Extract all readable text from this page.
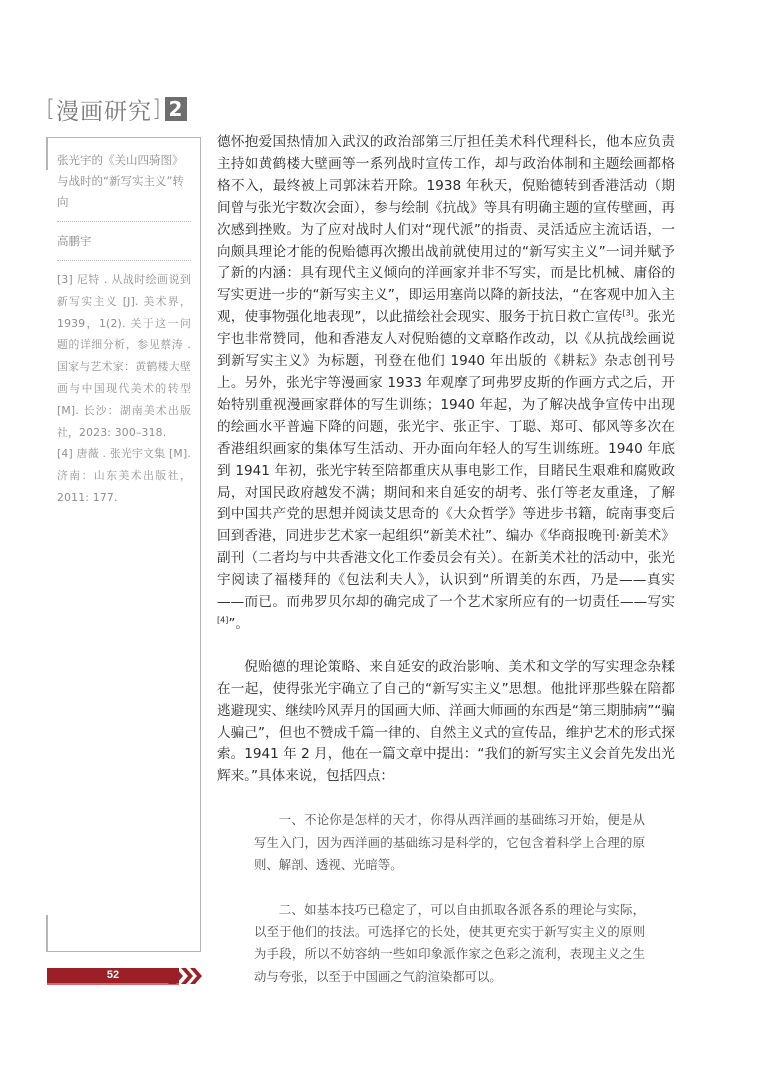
[ 漫画研究 ] 2
张光宇的《关山四骑图》与战时的“新写实主义”转向
高鹏宇

[3] 尼特 . 从战时绘画说到新写实主义 [J]. 美术界，1939，1(2). 关于这一问题的详细分析，参见蔡涛 . 国家与艺术家：黄鹤楼大壁画与中国现代美术的转型 [M]. 长沙：湖南美术出版社，2023: 300–318.

[4] 唐薇 . 张光宇文集 [M]. 济南：山东美术出版社，2011: 177.

德怀抱爱国热情加入武汉的政治部第三厅担任美术科代理科长，他本应负责主持如黄鹤楼大壁画等一系列战时宣传工作，却与政治体制和主题绘画都格格不入，最终被上司郭沫若开除。1938 年秋天，倪贻德转到香港活动（期间曾与张光宇数次会面），参与绘制《抗战》等具有明确主题的宣传壁画，再次感到挫败。为了应对战时人们对“现代派”的指责、灵活适应主流话语，一向颇具理论才能的倪贻德再次搬出战前就使用过的“新写实主义”一词并赋予了新的内涵：具有现代主义倾向的洋画家并非不写实，而是比机械、庸俗的写实更进一步的“新写实主义”，即运用塞尚以降的新技法，“在客观中加入主观，使事物强化地表现”，以此描绘社会现实、服务于抗日救亡宣传[3]。张光宇也非常赞同，他和香港友人对倪贻德的文章略作改动，以《从抗战绘画说到新写实主义》为标题，刊登在他们 1940 年出版的《耕耘》杂志创刊号上。另外，张光宇等漫画家 1933 年观摩了珂弗罗皮斯的作画方式之后，开始特别重视漫画家群体的写生训练；1940 年起，为了解决战争宣传中出现的绘画水平普遍下降的问题，张光宇、张正宇、丁聪、郑可、郁风等多次在香港组织画家的集体写生活动、开办面向年轻人的写生训练班。1940 年底到 1941 年初，张光宇转至陪都重庆从事电影工作，目睹民生艰难和腐败政局，对国民政府越发不满；期间和来自延安的胡考、张仃等老友重逢，了解到中国共产党的思想并阅读艾思奇的《大众哲学》等进步书籍，皖南事变后回到香港，同进步艺术家一起组织“新美术社”、编办《华商报晚刊·新美术》副刊（二者均与中共香港文化工作委员会有关）。在新美术社的活动中，张光宇阅读了福楼拜的《包法利夫人》，认识到“所谓美的东西，乃是——真实——而已。而弗罗贝尔却的确完成了一个艺术家所应有的一切责任——写实[4]”。

倪贻德的理论策略、来自延安的政治影响、美术和文学的写实理念杂糅在一起，使得张光宇确立了自己的“新写实主义”思想。他批评那些躲在陪都逃避现实、继续吟风弄月的国画大师、洋画大师画的东西是“第三期肺病”“骗人骗己”，但也不赞成千篇一律的、自然主义式的宣传品，维护艺术的形式探索。1941 年 2 月，他在一篇文章中提出：“我们的新写实主义会首先发出光辉来。”具体来说，包括四点：

一、不论你是怎样的天才，你得从西洋画的基础练习开始，便是从写生入门，因为西洋画的基础练习是科学的，它包含着科学上合理的原则、解剖、透视、光暗等。

二、如基本技巧已稳定了，可以自由抓取各派各系的理论与实际，以至于他们的技法。可选择它的长处，使其更充实于新写实主义的原则为手段，所以不妨容纳一些如印象派作家之色彩之流利，表现主义之生动与夸张，以至于中国画之气韵渲染都可以。

52
